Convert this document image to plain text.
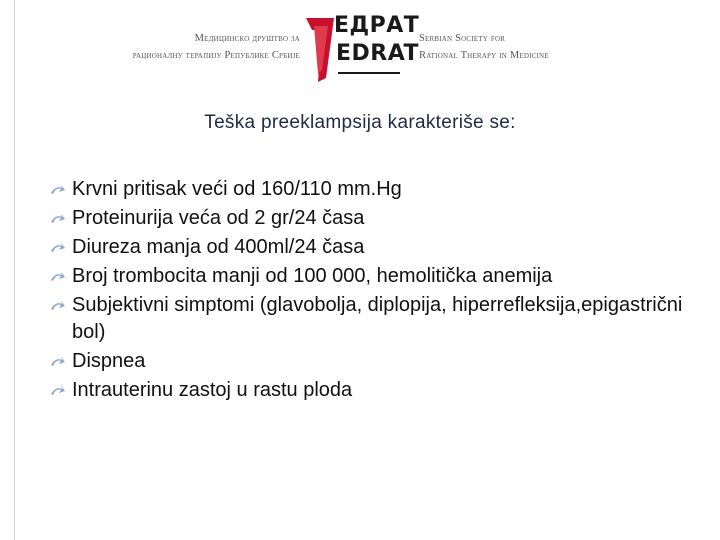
Медицинско друштво за
рационалну терапију Републике Србије
ЕДРАТ
EDRAT
Serbian Society for
Rational Therapy in Medicine
Teška preeklampsija karakteriše se:
Krvni pritisak veći od 160/110 mm.Hg
Proteinurija veća od 2 gr/24 časa
Diureza manja od 400ml/24 časa
Broj trombocita manji od 100 000, hemolitička anemija
Subjektivni simptomi (glavobolja, diplopija, hiperrefleksija,epigastrični bol)
Dispnea
Intrauterinu zastoj u rastu ploda
